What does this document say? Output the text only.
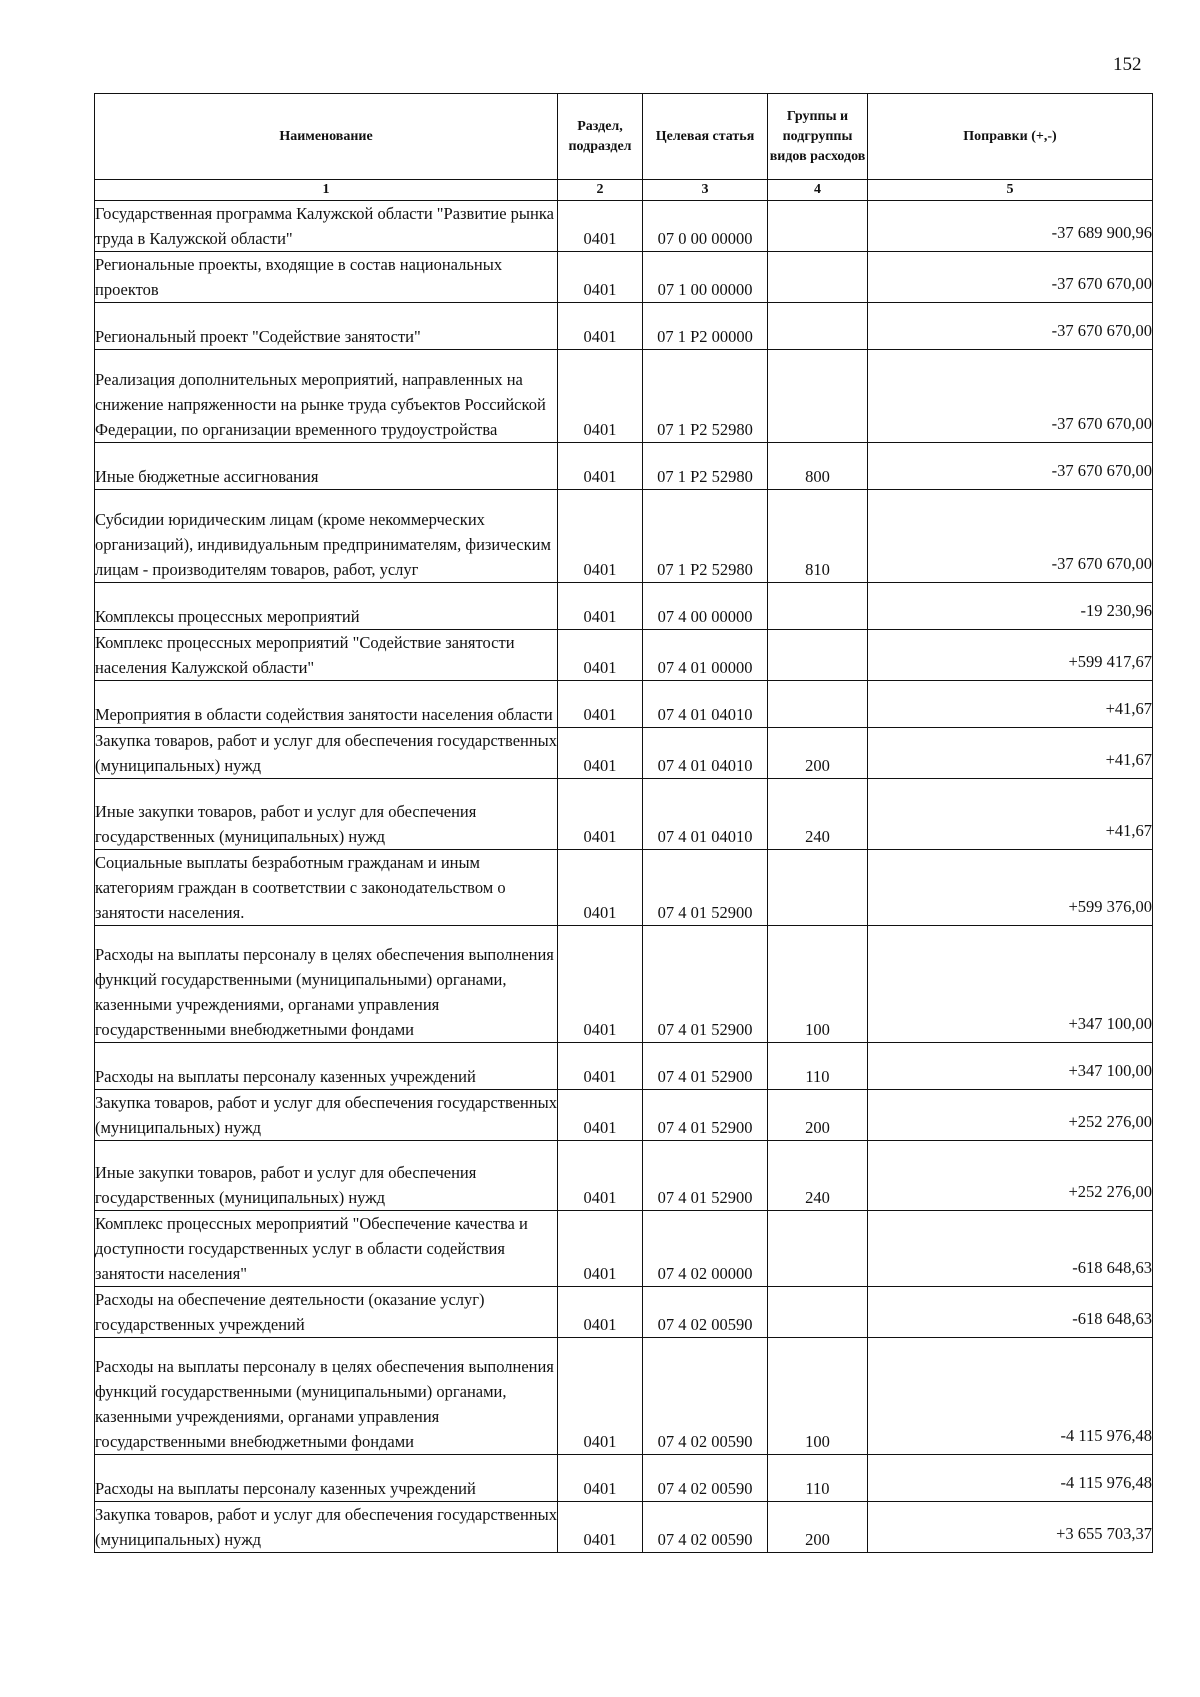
152
Наименование	Раздел, подраздел	Целевая статья	Группы и подгруппы видов расходов	Поправки (+,-)
1	2	3	4	5
Государственная программа Калужской области "Развитие рынка труда в Калужской области"	0401	07 0 00 00000		-37 689 900,96
Региональные проекты, входящие в состав национальных проектов	0401	07 1 00 00000		-37 670 670,00
Региональный проект "Содействие занятости"	0401	07 1 P2 00000		-37 670 670,00
Реализация дополнительных мероприятий, направленных на снижение напряженности на рынке труда субъектов Российской Федерации, по организации временного трудоустройства	0401	07 1 P2 52980		-37 670 670,00
Иные бюджетные ассигнования	0401	07 1 P2 52980	800	-37 670 670,00
Субсидии юридическим лицам (кроме некоммерческих организаций), индивидуальным предпринимателям, физическим лицам - производителям товаров, работ, услуг	0401	07 1 P2 52980	810	-37 670 670,00
Комплексы процессных мероприятий	0401	07 4 00 00000		-19 230,96
Комплекс процессных мероприятий "Содействие занятости населения Калужской области"	0401	07 4 01 00000		+599 417,67
Мероприятия в области содействия занятости населения области	0401	07 4 01 04010		+41,67
Закупка товаров, работ и услуг для обеспечения государственных (муниципальных) нужд	0401	07 4 01 04010	200	+41,67
Иные закупки товаров, работ и услуг для обеспечения государственных (муниципальных) нужд	0401	07 4 01 04010	240	+41,67
Социальные выплаты безработным гражданам и иным категориям граждан в соответствии с законодательством о занятости населения.	0401	07 4 01 52900		+599 376,00
Расходы на выплаты персоналу в целях обеспечения выполнения функций государственными (муниципальными) органами, казенными учреждениями, органами управления государственными внебюджетными фондами	0401	07 4 01 52900	100	+347 100,00
Расходы на выплаты персоналу казенных учреждений	0401	07 4 01 52900	110	+347 100,00
Закупка товаров, работ и услуг для обеспечения государственных (муниципальных) нужд	0401	07 4 01 52900	200	+252 276,00
Иные закупки товаров, работ и услуг для обеспечения государственных (муниципальных) нужд	0401	07 4 01 52900	240	+252 276,00
Комплекс процессных мероприятий "Обеспечение качества и доступности государственных услуг в области содействия занятости населения"	0401	07 4 02 00000		-618 648,63
Расходы на обеспечение деятельности (оказание услуг) государственных учреждений	0401	07 4 02 00590		-618 648,63
Расходы на выплаты персоналу в целях обеспечения выполнения функций государственными (муниципальными) органами, казенными учреждениями, органами управления государственными внебюджетными фондами	0401	07 4 02 00590	100	-4 115 976,48
Расходы на выплаты персоналу казенных учреждений	0401	07 4 02 00590	110	-4 115 976,48
Закупка товаров, работ и услуг для обеспечения государственных (муниципальных) нужд	0401	07 4 02 00590	200	+3 655 703,37
